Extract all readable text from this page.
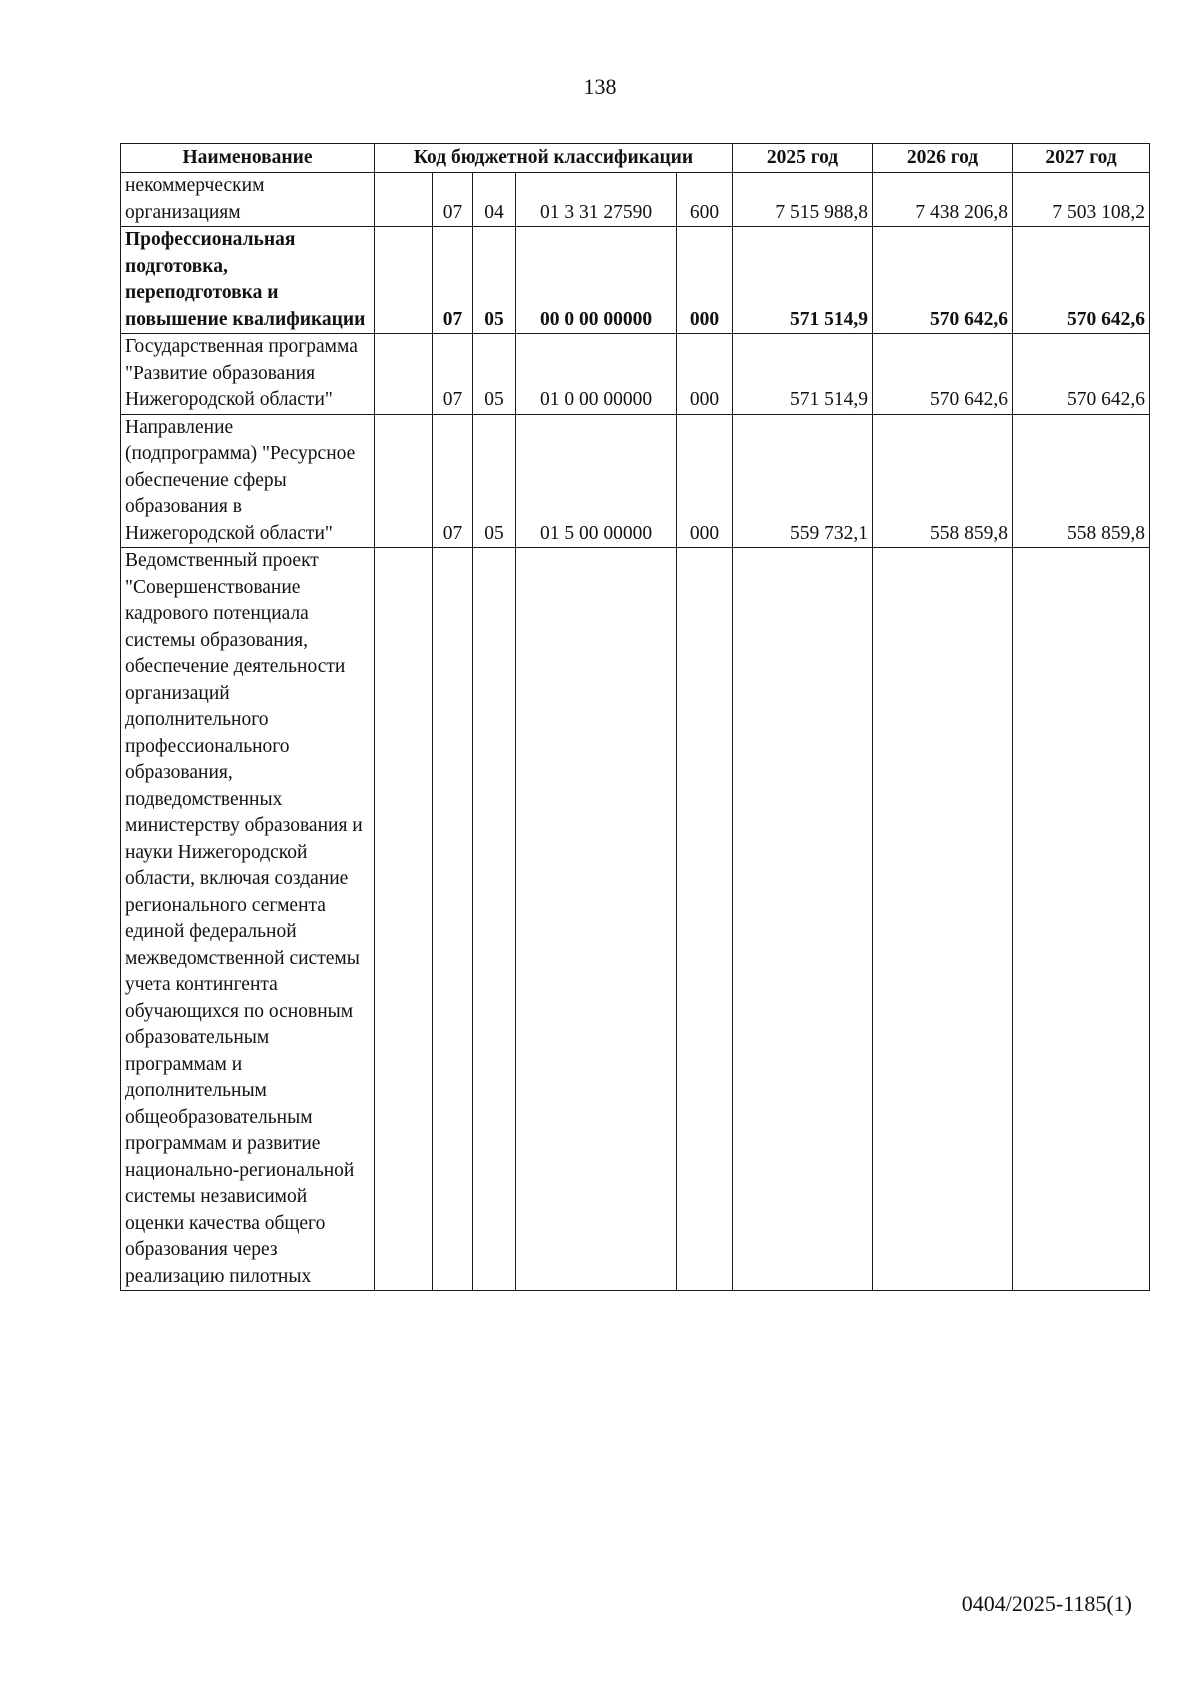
138
Наименование	Код бюджетной классификации					2025 год	2026 год	2027 год
некоммерческим организациям		07	04	01 3 31 27590	600	7 515 988,8	7 438 206,8	7 503 108,2
Профессиональная подготовка, переподготовка и повышение квалификации		07	05	00 0 00 00000	000	571 514,9	570 642,6	570 642,6
Государственная программа "Развитие образования Нижегородской области"		07	05	01 0 00 00000	000	571 514,9	570 642,6	570 642,6
Направление (подпрограмма) "Ресурсное обеспечение сферы образования в Нижегородской области"		07	05	01 5 00 00000	000	559 732,1	558 859,8	558 859,8
Ведомственный проект "Совершенствование кадрового потенциала системы образования, обеспечение деятельности организаций дополнительного профессионального образования, подведомственных министерству образования и науки Нижегородской области, включая создание регионального сегмента единой федеральной межведомственной системы учета контингента обучающихся по основным образовательным программам и дополнительным общеобразовательным программам и развитие национально-региональной системы независимой оценки качества общего образования через реализацию пилотных								
0404/2025-1185(1)
